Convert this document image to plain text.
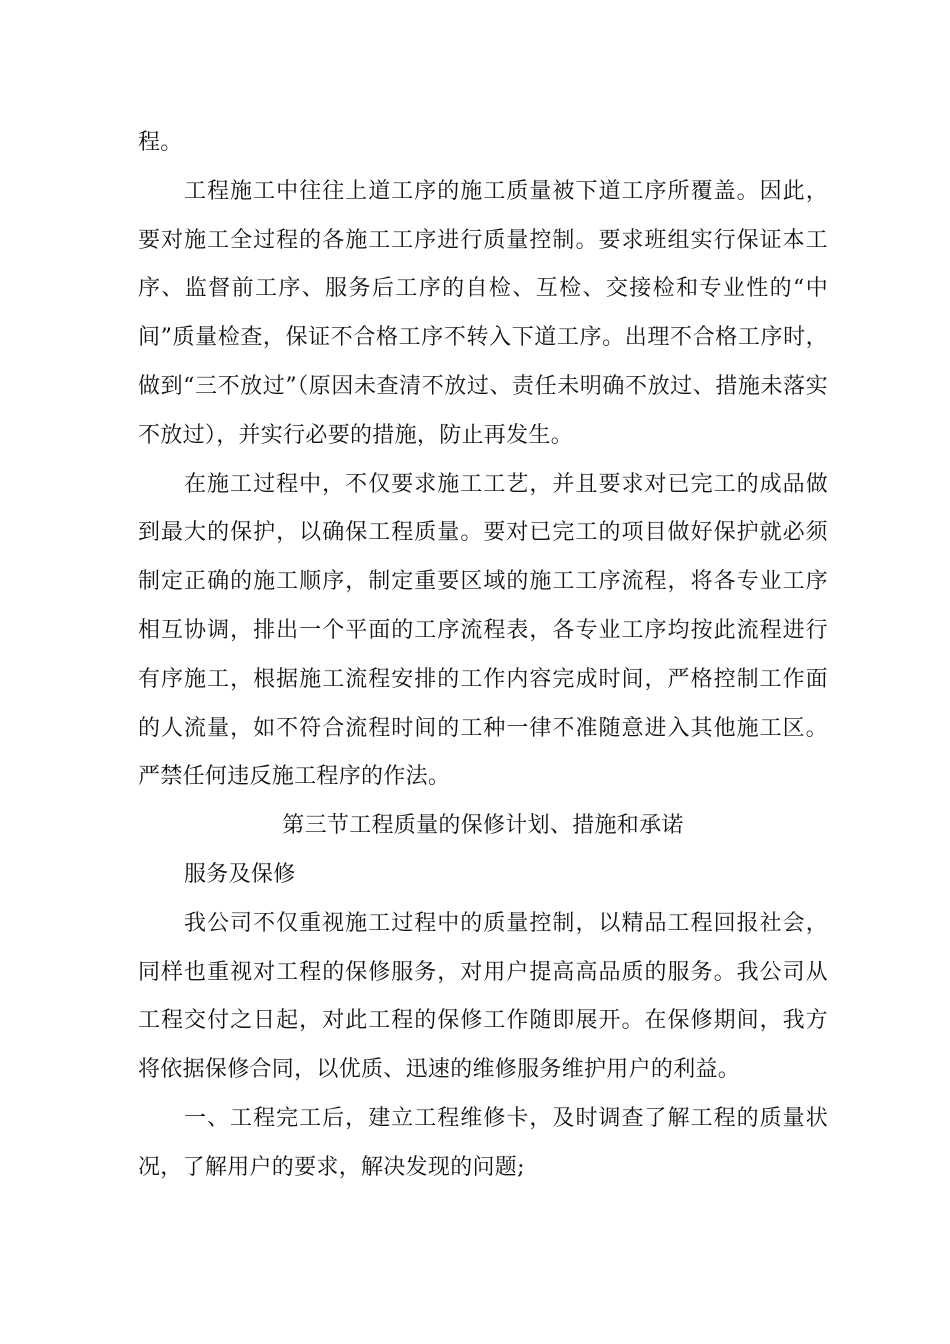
程。

工程施工中往往上道工序的施工质量被下道工序所覆盖。因此，要对施工全过程的各施工工序进行质量控制。要求班组实行保证本工序、监督前工序、服务后工序的自检、互检、交接检和专业性的“中间”质量检查，保证不合格工序不转入下道工序。出理不合格工序时，做到“三不放过”（原因未查清不放过、责任未明确不放过、措施未落实不放过），并实行必要的措施，防止再发生。

在施工过程中，不仅要求施工工艺，并且要求对已完工的成品做到最大的保护，以确保工程质量。要对已完工的项目做好保护就必须制定正确的施工顺序，制定重要区域的施工工序流程，将各专业工序相互协调，排出一个平面的工序流程表，各专业工序均按此流程进行有序施工，根据施工流程安排的工作内容完成时间，严格控制工作面的人流量，如不符合流程时间的工种一律不准随意进入其他施工区。严禁任何违反施工程序的作法。

第三节工程质量的保修计划、措施和承诺

服务及保修

我公司不仅重视施工过程中的质量控制，以精品工程回报社会，同样也重视对工程的保修服务，对用户提高高品质的服务。我公司从工程交付之日起，对此工程的保修工作随即展开。在保修期间，我方将依据保修合同，以优质、迅速的维修服务维护用户的利益。

一、工程完工后，建立工程维修卡，及时调查了解工程的质量状况，了解用户的要求，解决发现的问题;
